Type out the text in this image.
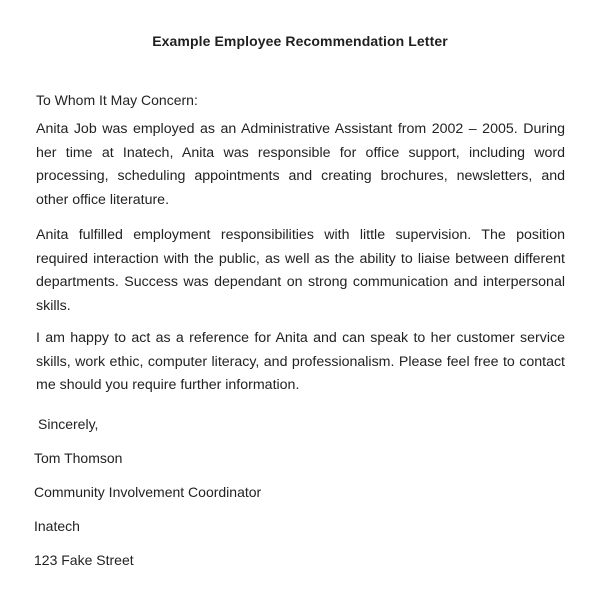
Example Employee Recommendation Letter
To Whom It May Concern:
Anita Job was employed as an Administrative Assistant from 2002 – 2005. During her time at Inatech, Anita was responsible for office support, including word processing, scheduling appointments and creating brochures, newsletters, and other office literature.
Anita fulfilled employment responsibilities with little supervision. The position required interaction with the public, as well as the ability to liaise between different departments. Success was dependant on strong communication and interpersonal skills.
I am happy to act as a reference for Anita and can speak to her customer service skills, work ethic, computer literacy, and professionalism. Please feel free to contact me should you require further information.
Sincerely,
Tom Thomson
Community Involvement Coordinator
Inatech
123 Fake Street
